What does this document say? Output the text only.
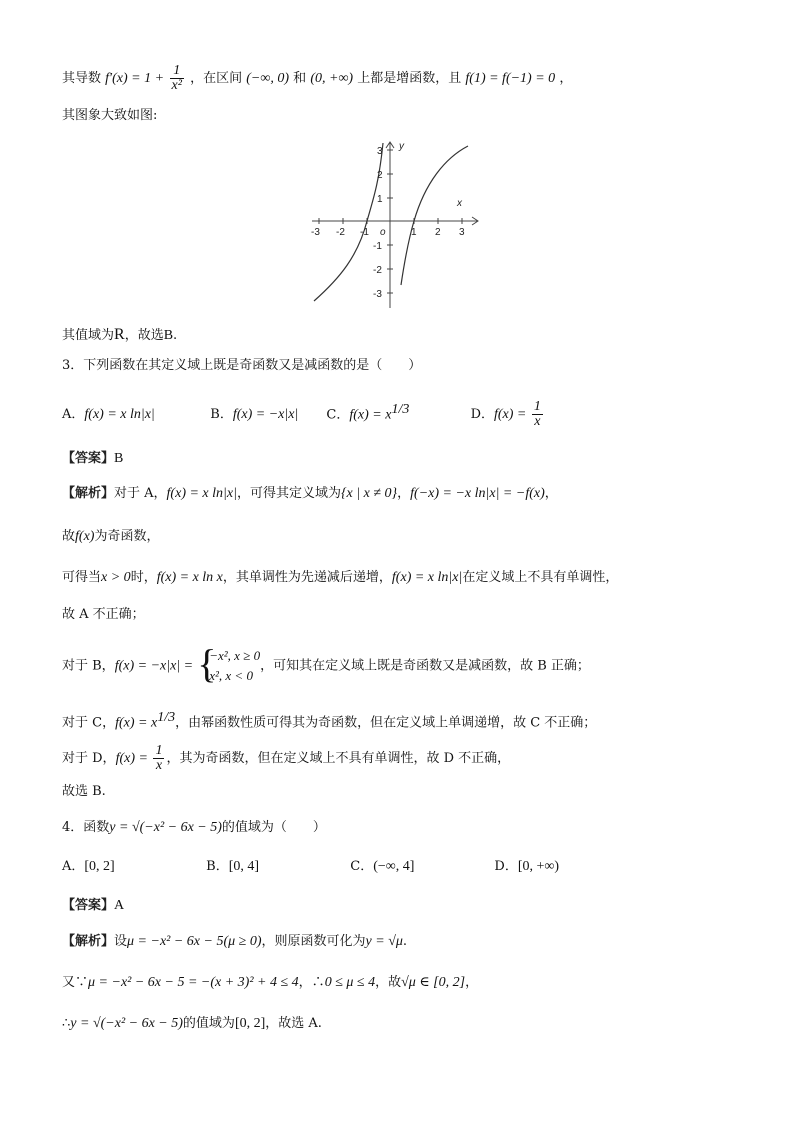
其导数 $f'(x) = 1 + \frac{1}{\text{x²}}$ ，在区间 (−∞, 0) 和 (0, +∞) 上都是增函数，且 f(1) = f(−1) = 0 ，
其图象大致如图:
-3 -2 -1	1 2 3
3
2
1
-1
-2
-3
o
x
y
其值域为R，故选B.
3．下列函数在其定义域上既是奇函数又是减函数的是（　　）
A．f(x) = x ln|x|	B．f(x) = −x|x| C．$f(x) = x^{1/3}$	D．$f(x) = \frac{1}{x}$
【答案】B
【解析】对于 A，f(x) = x ln|x|，可得其定义域为{x | x ≠ 0}，f(−x) = −x ln|x| = −f(x)，
故f(x)为奇函数，
可得当x > 0时，f(x) = x ln x，其单调性为先递减后递增，f(x) = x ln|x|在定义域上不具有单调性，
故 A 不正确；
对于 B，f(x) = −x|x| = {
−x², x ≥ 0
x², x < 0
，可知其在定义域上既是奇函数又是减函数，故 B 正确；
对于 C，$f(x) = x^{1/3}$，由幂函数性质可得其为奇函数，但在定义域上单调递增，故 C 不正确；
对于 D，$f(x) = \frac{1}{x}$ ，其为奇函数，但在定义域上不具有单调性，故 D 不正确，
故选 B.
4．函数y = √(−x² − 6x − 5)的值域为（　　）
A．[0, 2]	B．[0, 4]	C．(−∞, 4]	D．[0, +∞)
【答案】A
【解析】设μ = −x² − 6x − 5(μ ≥ 0)，则原函数可化为y = √μ.
又∵μ = −x² − 6x − 5 = −(x + 3)² + 4 ≤ 4，∴0 ≤ μ ≤ 4，故√μ ∈ [0, 2]，
∴y = √(−x² − 6x − 5)的值域为[0, 2]，故选 A.
